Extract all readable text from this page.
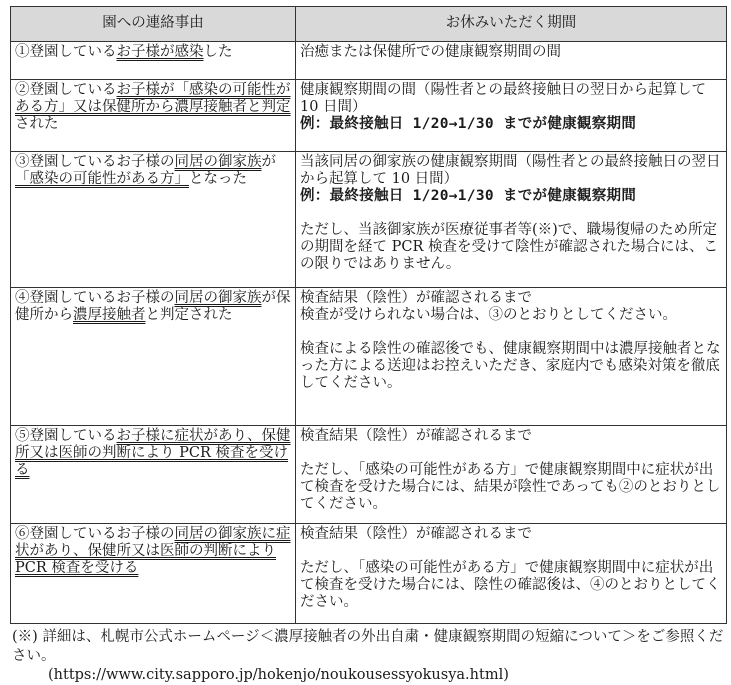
園への連絡事由	お休みいただく期間
①登園しているお子様が感染した	治癒または保健所での健康観察期間の間
②登園しているお子様が「感染の可能性がある方」又は保健所から濃厚接触者と判定された	健康観察期間の間（陽性者との最終接触日の翌日から起算して 10 日間）
例：最終接触日 1/20→1/30 までが健康観察期間

③登園しているお子様の同居の御家族が「感染の可能性がある方」となった	当該同居の御家族の健康観察期間（陽性者との最終接触日の翌日から起算して 10 日間）
例：最終接触日 1/20→1/30 までが健康観察期間
ただし、当該御家族が医療従事者等(※)で、職場復帰のため所定の期間を経て PCR 検査を受けて陰性が確認された場合には、この限りではありません。

④登園しているお子様の同居の御家族が保健所から濃厚接触者と判定された	検査結果（陰性）が確認されるまで
検査が受けられない場合は、③のとおりとしてください。
検査による陰性の確認後でも、健康観察期間中は濃厚接触者となった方による送迎はお控えいただき、家庭内でも感染対策を徹底してください。

⑤登園しているお子様に症状があり、保健所又は医師の判断により PCR 検査を受ける	検査結果（陰性）が確認されるまで
ただし、「感染の可能性がある方」で健康観察期間中に症状が出て検査を受けた場合には、結果が陰性であっても②のとおりとしてください。

⑥登園しているお子様の同居の御家族に症状があり、保健所又は医師の判断により PCR 検査を受ける	検査結果（陰性）が確認されるまで
ただし、「感染の可能性がある方」で健康観察期間中に症状が出て検査を受けた場合には、陰性の確認後は、④のとおりとしてください。
(※) 詳細は、札幌市公式ホームページ＜濃厚接触者の外出自粛・健康観察期間の短縮について＞をご参照ください。
(https://www.city.sapporo.jp/hokenjo/noukousessyokusya.html)
